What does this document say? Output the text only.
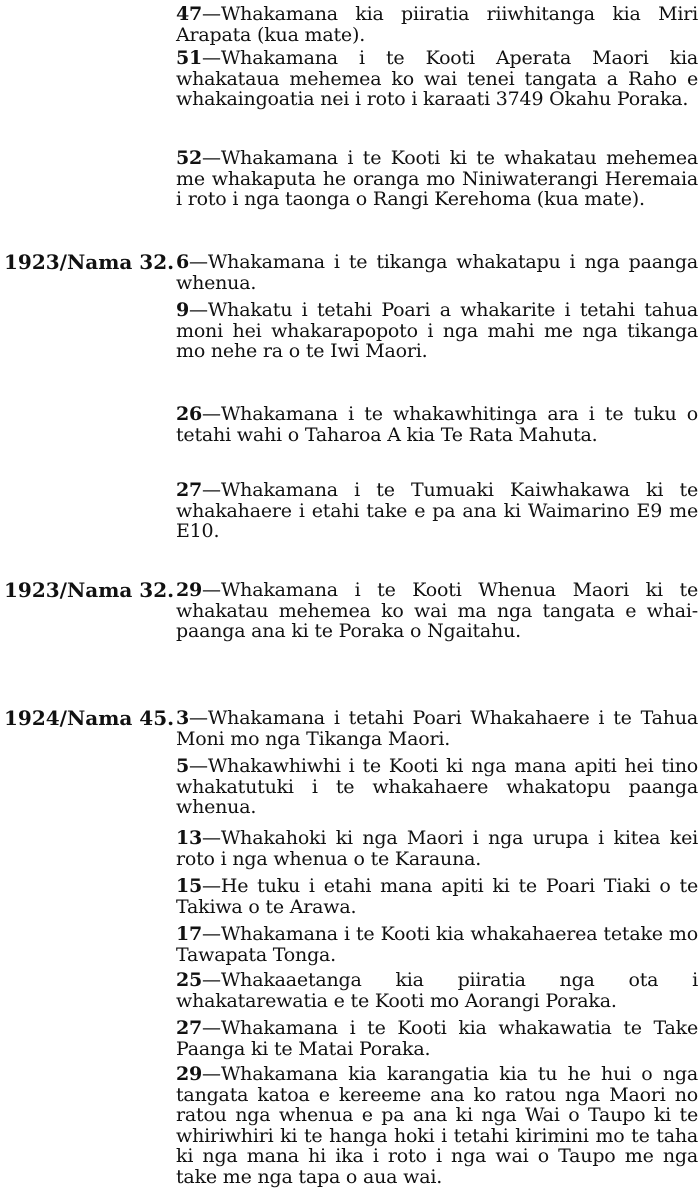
47—Whakamana kia piiratia riiwhitanga kia Miri Arapata (kua mate).
51—Whakamana i te Kooti Aperata Maori kia whakataua mehemea ko wai tenei tangata a Raho e whakaingoatia nei i roto i karaati 3749 Okahu Poraka.
52—Whakamana i te Kooti ki te whakatau mehemea me whakaputa he oranga mo Niniwaterangi Heremaia i roto i nga taonga o Rangi Kerehoma (kua mate).
1923/Nama 32. 6—Whakamana i te tikanga whakatapu i nga paanga whenua.
9—Whakatu i tetahi Poari a whakarite i tetahi tahua moni hei whakarapopoto i nga mahi me nga tikanga mo nehe ra o te Iwi Maori.
26—Whakamana i te whakawhitinga ara i te tuku o tetahi wahi o Taharoa A kia Te Rata Mahuta.
27—Whakamana i te Tumuaki Kaiwhakawa ki te whakahaere i etahi take e pa ana ki Waimarino E9 me E10.
1923/Nama 32. 29—Whakamana i te Kooti Whenua Maori ki te whakatau mehemea ko wai ma nga tangata e whai-paanga ana ki te Poraka o Ngaitahu.
1924/Nama 45. 3—Whakamana i tetahi Poari Whakahaere i te Tahua Moni mo nga Tikanga Maori.
5—Whakawhiwhi i te Kooti ki nga mana apiti hei tino whakatutuki i te whakahaere whakatopu paanga whenua.
13—Whakahoki ki nga Maori i nga urupa i kitea kei roto i nga whenua o te Karauna.
15—He tuku i etahi mana apiti ki te Poari Tiaki o te Takiwa o te Arawa.
17—Whakamana i te Kooti kia whakahaerea tetake mo Tawapata Tonga.
25—Whakaaetanga kia piiratia nga ota i whakatarewatia e te Kooti mo Aorangi Poraka.
27—Whakamana i te Kooti kia whakawatia te Take Paanga ki te Matai Poraka.
29—Whakamana kia karangatia kia tu he hui o nga tangata katoa e kereeme ana ko ratou nga Maori no ratou nga whenua e pa ana ki nga Wai o Taupo ki te whiriwhiri ki te hanga hoki i tetahi kirimini mo te taha ki nga mana hi ika i roto i nga wai o Taupo me nga take me nga tapa o aua wai.
